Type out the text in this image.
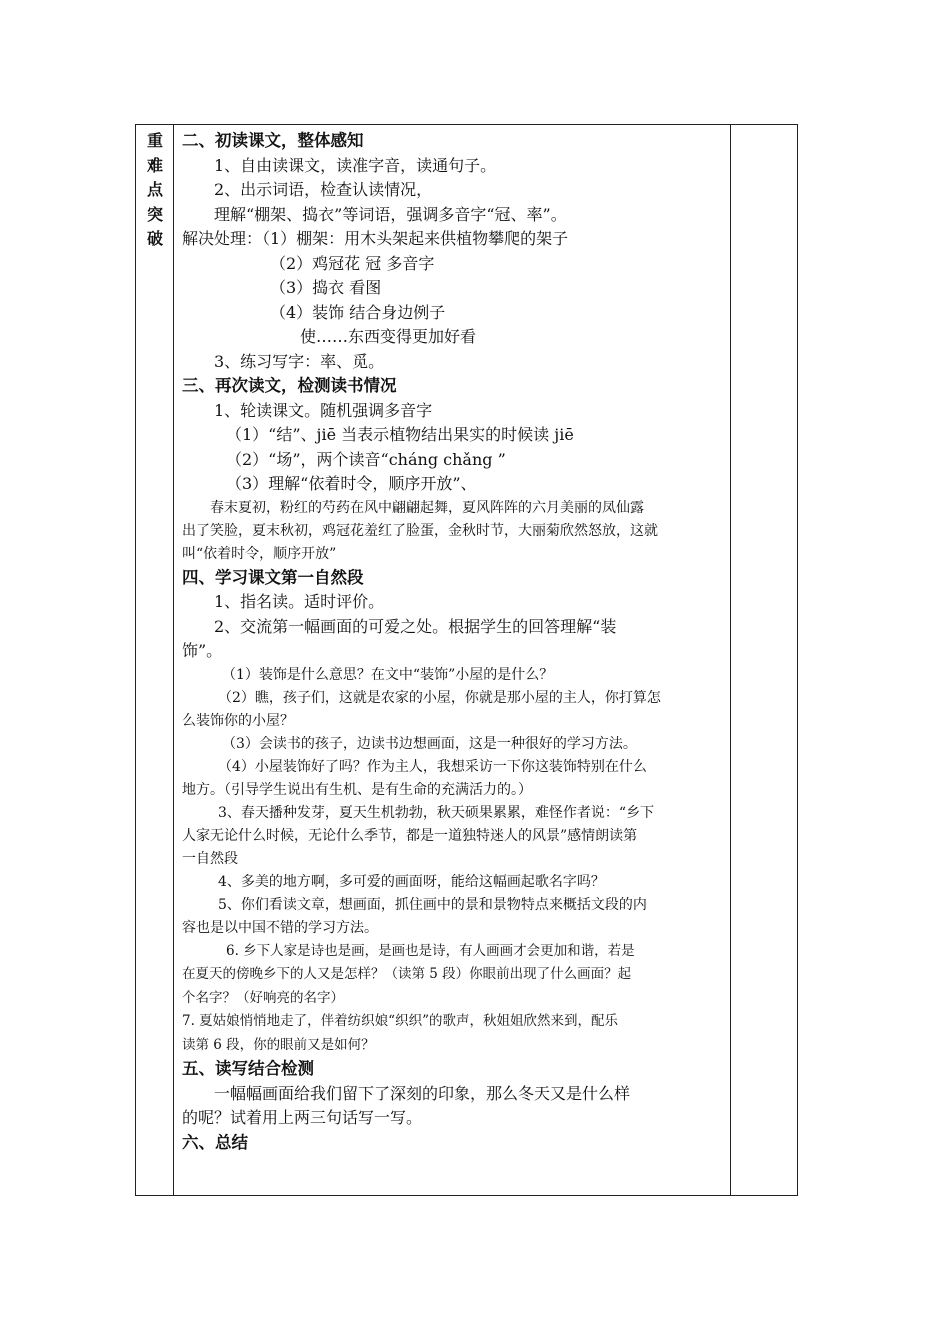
重
难
点
突
破
二、初读课文，整体感知
1、自由读课文，读准字音，读通句子。
2、出示词语，检查认读情况，
理解“棚架、捣衣”等词语，强调多音字“冠、率”。
解决处理：（1）棚架：用木头架起来供植物攀爬的架子
（2）鸡冠花 冠 多音字
（3）捣衣 看图
（4）装饰 结合身边例子
使……东西变得更加好看
3、练习写字：率、觅。
三、再次读文，检测读书情况
1、轮读课文。随机强调多音字
（1）“结”、jiē 当表示植物结出果实的时候读 jiē
（2）“场”，两个读音“cháng chǎng ”
（3）理解“依着时令，顺序开放”、
春末夏初，粉红的芍药在风中翩翩起舞，夏风阵阵的六月美丽的凤仙露
出了笑脸，夏末秋初，鸡冠花羞红了脸蛋，金秋时节，大丽菊欣然怒放，这就
叫“依着时令，顺序开放”
四、学习课文第一自然段
1、指名读。适时评价。
2、交流第一幅画面的可爱之处。根据学生的回答理解“装
饰”。
（1）装饰是什么意思？在文中“装饰”小屋的是什么？
（2）瞧，孩子们，这就是农家的小屋，你就是那小屋的主人，你打算怎
么装饰你的小屋？
（3）会读书的孩子，边读书边想画面，这是一种很好的学习方法。
（4）小屋装饰好了吗？作为主人，我想采访一下你这装饰特别在什么
地方。（引导学生说出有生机、是有生命的充满活力的。）
3、春天播种发芽，夏天生机勃勃，秋天硕果累累，难怪作者说：“乡下
人家无论什么时候，无论什么季节，都是一道独特迷人的风景”感情朗读第
一自然段
4、多美的地方啊，多可爱的画面呀，能给这幅画起歌名字吗？
5、你们看读文章，想画面，抓住画中的景和景物特点来概括文段的内
容也是以中国不错的学习方法。
6. 乡下人家是诗也是画，是画也是诗，有人画画才会更加和谐，若是
在夏天的傍晚乡下的人又是怎样？（读第 5 段）你眼前出现了什么画面？起
个名字？（好响亮的名字）
7. 夏姑娘悄悄地走了，伴着纺织娘“织织”的歌声，秋姐姐欣然来到，配乐
读第 6 段，你的眼前又是如何？
五、读写结合检测
一幅幅画面给我们留下了深刻的印象，那么冬天又是什么样
的呢？试着用上两三句话写一写。
六、总结
